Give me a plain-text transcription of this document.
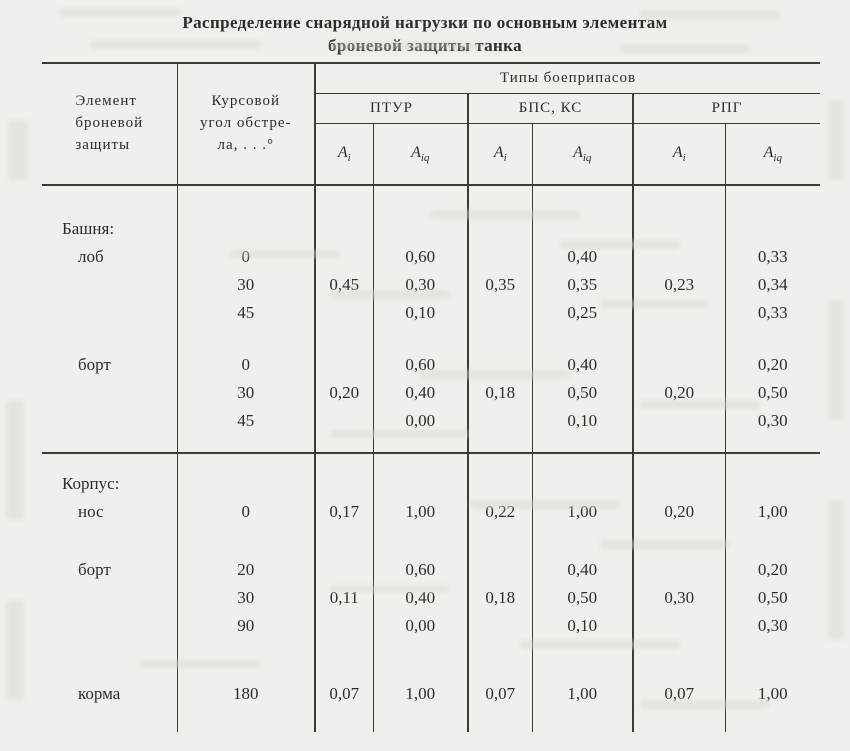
Распределение снарядной нагрузки по основным элементам
броневой защиты танка
Элемент
броневой
защиты	Курсовой
угол обстре-
ла, . . .°	Типы боеприпасов					
		ПТУР		БПС, КС		РПГ	
		$A_i$	$A_{iq}$	$A_i$	$A_{iq}$	$A_i$	$A_{iq}$

Башня:							
лоб	0		0,60		0,40		0,33
	30	0,45	0,30	0,35	0,35	0,23	0,34
	45		0,10		0,25		0,33

борт	0		0,60		0,40		0,20
	30	0,20	0,40	0,18	0,50	0,20	0,50
	45		0,00		0,10		0,30

Корпус:							
нос	0	0,17	1,00	0,22	1,00	0,20	1,00

борт	20		0,60		0,40		0,20
	30	0,11	0,40	0,18	0,50	0,30	0,50
	90		0,00		0,10		0,30

корма	180	0,07	1,00	0,07	1,00	0,07	1,00
